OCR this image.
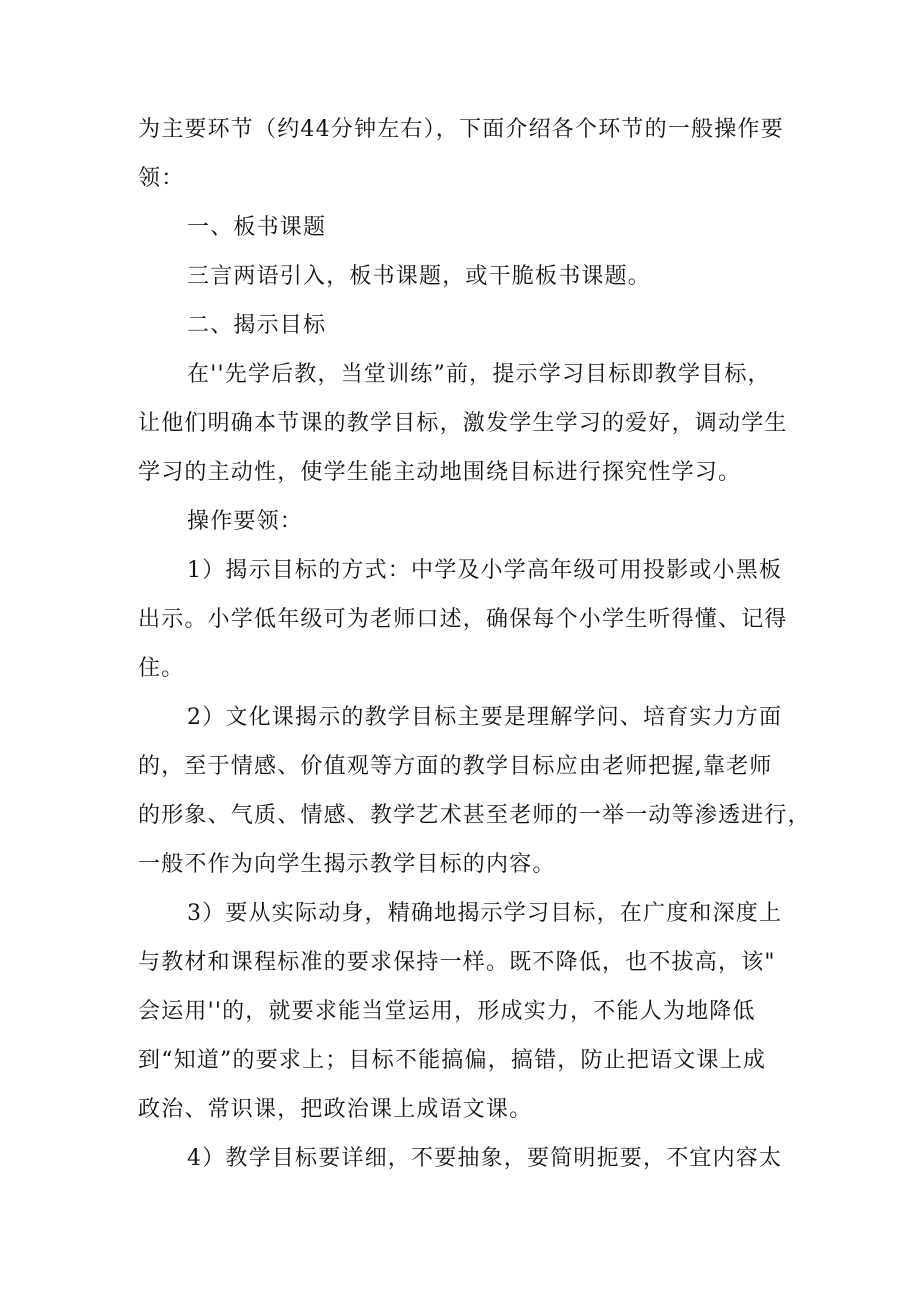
为主要环节（约44分钟左右），下面介绍各个环节的一般操作要

领：

一、板书课题

三言两语引入，板书课题，或干脆板书课题。

二、揭示目标

在''先学后教，当堂训练”前，提示学习目标即教学目标，

让他们明确本节课的教学目标，激发学生学习的爱好，调动学生

学习的主动性，使学生能主动地围绕目标进行探究性学习。

操作要领：

1）揭示目标的方式：中学及小学高年级可用投影或小黑板

出示。小学低年级可为老师口述，确保每个小学生听得懂、记得

住。

2）文化课揭示的教学目标主要是理解学问、培育实力方面

的，至于情感、价值观等方面的教学目标应由老师把握,靠老师

的形象、气质、情感、教学艺术甚至老师的一举一动等渗透进行，

一般不作为向学生揭示教学目标的内容。

3）要从实际动身，精确地揭示学习目标，在广度和深度上

与教材和课程标准的要求保持一样。既不降低，也不拔高，该"

会运用''的，就要求能当堂运用，形成实力，不能人为地降低

到“知道”的要求上；目标不能搞偏，搞错，防止把语文课上成

政治、常识课，把政治课上成语文课。

4）教学目标要详细，不要抽象，要简明扼要，不宜内容太
